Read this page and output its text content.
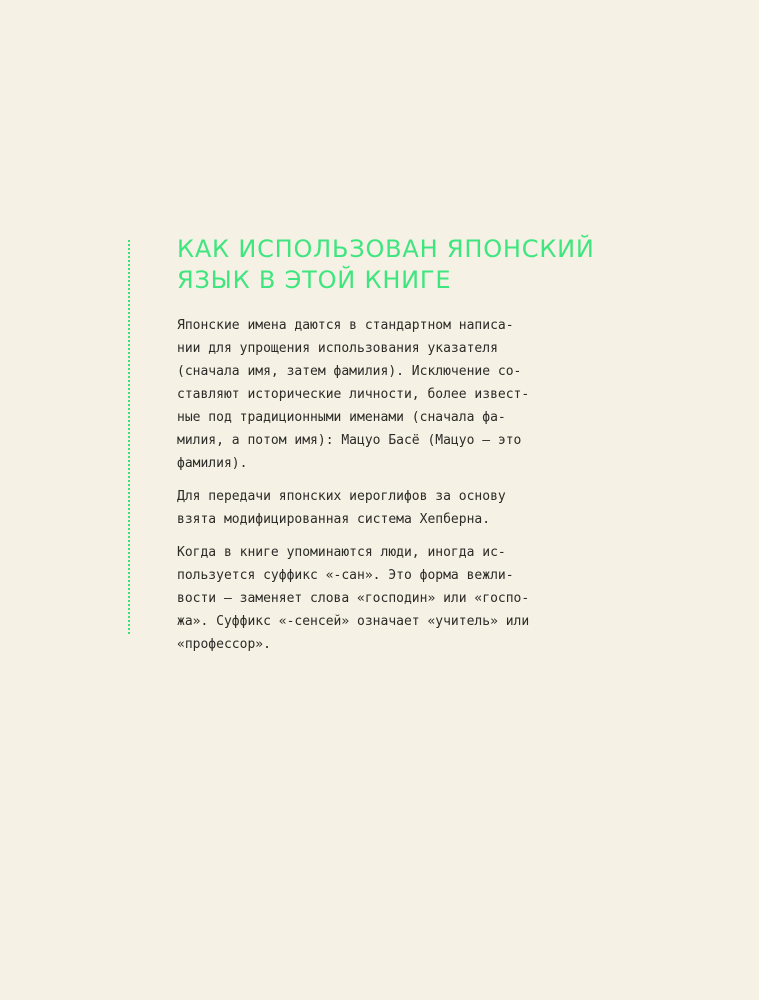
КАК ИСПОЛЬЗОВАН ЯПОНСКИЙ
ЯЗЫК В ЭТОЙ КНИГЕ

Японские имена даются в стандартном написа-
нии для упрощения использования указателя
(сначала имя, затем фамилия). Исключение со-
ставляют исторические личности, более извест-
ные под традиционными именами (сначала фа-
милия, а потом имя): Мацуо Басё (Мацуо — это
фамилия).

Для передачи японских иероглифов за основу
взята модифицированная система Хепберна.

Когда в книге упоминаются люди, иногда ис-
пользуется суффикс «-сан». Это форма вежли-
вости — заменяет слова «господин» или «госпо-
жа». Суффикс «-сенсей» означает «учитель» или
«профессор».
